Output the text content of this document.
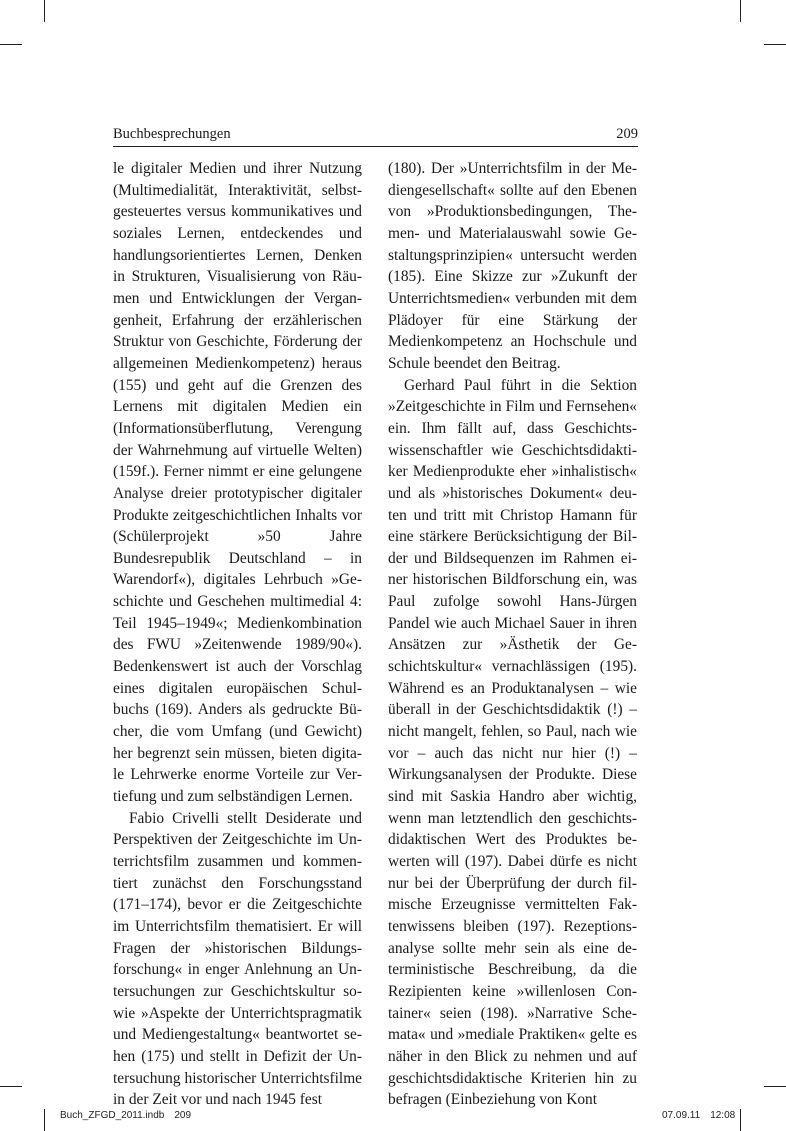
Buchbesprechungen	209

le digitaler Medien und ihrer Nutzung (Multimedialität, Interaktivität, selbstgesteuertes versus kommunikatives und soziales Lernen, entdeckendes und handlungsorientiertes Lernen, Denken in Strukturen, Visualisierung von Räumen und Entwicklungen der Vergangenheit, Erfahrung der erzählerischen Struktur von Geschichte, Förderung der allgemeinen Medienkompetenz) heraus (155) und geht auf die Grenzen des Lernens mit digitalen Medien ein (Informationsüberflutung, Verengung der Wahrnehmung auf virtuelle Welten) (159f.). Ferner nimmt er eine gelungene Analyse dreier prototypischer digitaler Produkte zeitgeschichtlichen Inhalts vor (Schülerprojekt »50 Jahre Bundesrepublik Deutschland – in Warendorf«), digitales Lehrbuch »Geschichte und Geschehen multimedial 4: Teil 1945–1949«; Medienkombination des FWU »Zeitenwende 1989/90«). Bedenkenswert ist auch der Vorschlag eines digitalen europäischen Schulbuchs (169). Anders als gedruckte Bücher, die vom Umfang (und Gewicht) her begrenzt sein müssen, bieten digitale Lehrwerke enorme Vorteile zur Vertiefung und zum selbständigen Lernen.

Fabio Crivelli stellt Desiderate und Perspektiven der Zeitgeschichte im Unterrichtsfilm zusammen und kommentiert zunächst den Forschungsstand (171–174), bevor er die Zeitgeschichte im Unterrichtsfilm thematisiert. Er will Fragen der »historischen Bildungsforschung« in enger Anlehnung an Untersuchungen zur Geschichtskultur sowie »Aspekte der Unterrichtspragmatik und Mediengestaltung« beantwortet sehen (175) und stellt in Defizit der Untersuchung historischer Unterrichtsfilme in der Zeit vor und nach 1945 fest

(180). Der »Unterrichtsfilm in der Mediengesellschaft« sollte auf den Ebenen von »Produktionsbedingungen, Themen- und Materialauswahl sowie Gestaltungsprinzipien« untersucht werden (185). Eine Skizze zur »Zukunft der Unterrichtsmedien« verbunden mit dem Plädoyer für eine Stärkung der Medienkompetenz an Hochschule und Schule beendet den Beitrag.

Gerhard Paul führt in die Sektion »Zeitgeschichte in Film und Fernsehen« ein. Ihm fällt auf, dass Geschichtswissenschaftler wie Geschichtsdidaktiker Medienprodukte eher »inhalistisch« und als »historisches Dokument« deuten und tritt mit Christop Hamann für eine stärkere Berücksichtigung der Bilder und Bildsequenzen im Rahmen einer historischen Bildforschung ein, was Paul zufolge sowohl Hans-Jürgen Pandel wie auch Michael Sauer in ihren Ansätzen zur »Ästhetik der Geschichtskultur« vernachlässigen (195). Während es an Produktanalysen – wie überall in der Geschichtsdidaktik (!) – nicht mangelt, fehlen, so Paul, nach wie vor – auch das nicht nur hier (!) – Wirkungsanalysen der Produkte. Diese sind mit Saskia Handro aber wichtig, wenn man letztendlich den geschichtsdidaktischen Wert des Produktes bewerten will (197). Dabei dürfe es nicht nur bei der Überprüfung der durch filmische Erzeugnisse vermittelten Faktenwissens bleiben (197). Rezeptionsanalyse sollte mehr sein als eine deterministische Beschreibung, da die Rezipienten keine »willenlosen Container« seien (198). »Narrative Schemata« und »mediale Praktiken« gelte es näher in den Blick zu nehmen und auf geschichtsdidaktische Kriterien hin zu befragen (Einbeziehung von Kont

Buch_ZFGD_2011.indb 209	07.09.11 12:08
